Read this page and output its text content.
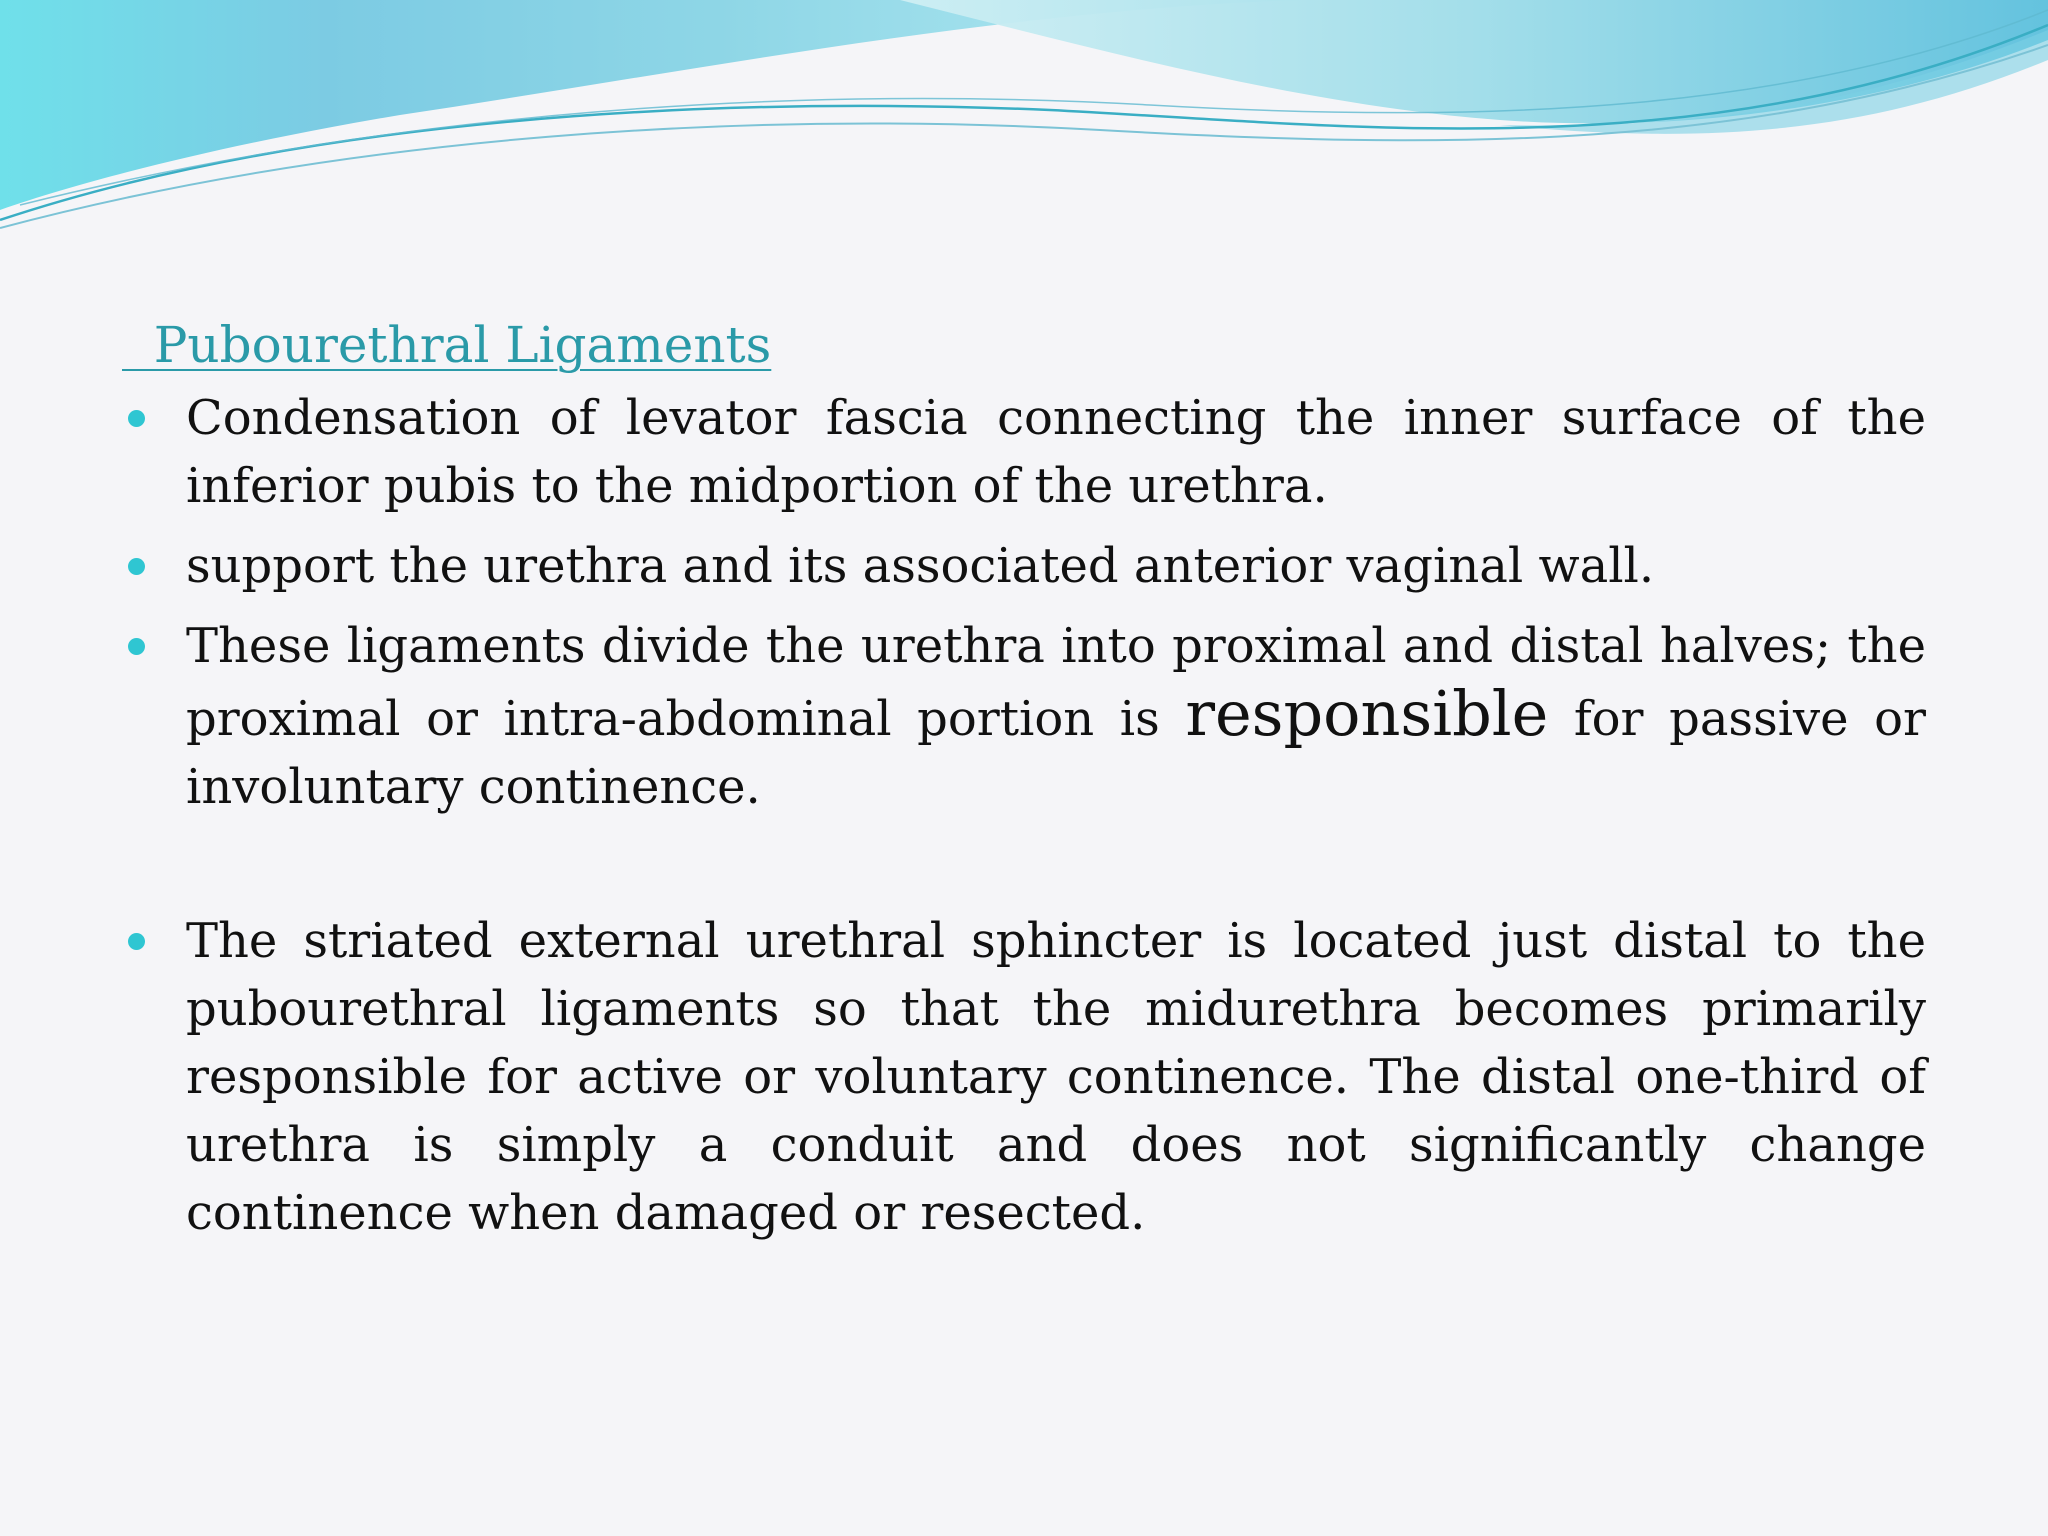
Pubourethral Ligaments
Condensation of levator fascia connecting the inner surface of the inferior pubis to the midportion of the urethra.
support the urethra and its associated anterior vaginal wall.
These ligaments divide the urethra into proximal and distal halves; the proximal or intra-abdominal portion is responsible for passive or involuntary continence.
The striated external urethral sphincter is located just distal to the pubourethral ligaments so that the midurethra becomes primarily responsible for active or voluntary continence. The distal one-third of urethra is simply a conduit and does not significantly change continence when damaged or resected.
